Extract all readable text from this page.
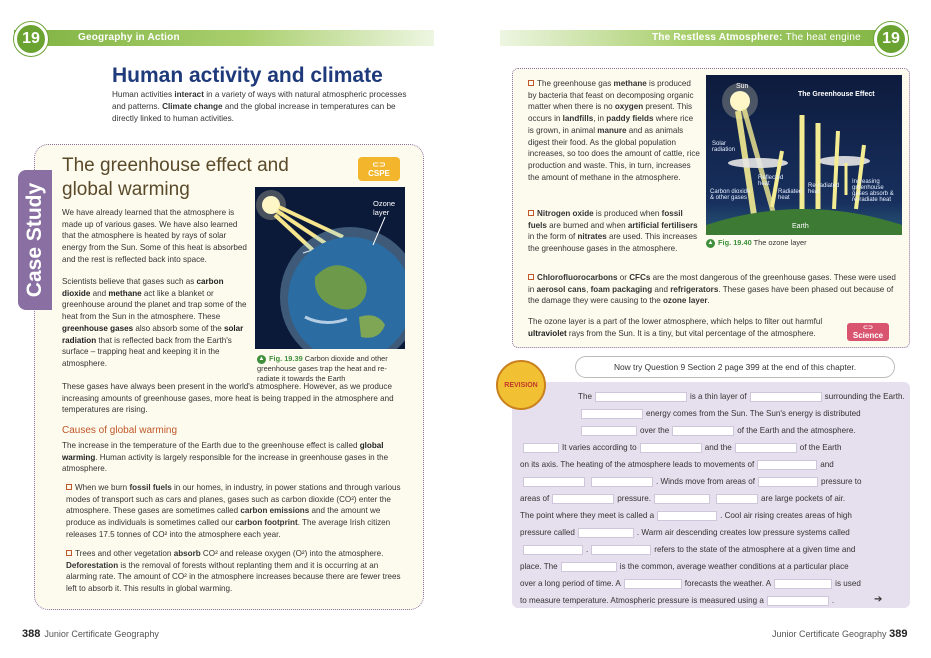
19	Geography in Action	The Restless Atmosphere: The heat engine	19
Human activity and climate
Human activities interact in a variety of ways with natural atmospheric processes and patterns. Climate change and the global increase in temperatures can be directly linked to human activities.
Case Study
The greenhouse effect and global warming
⊂⊃
CSPE
We have already learned that the atmosphere is made up of various gases. We have also learned that the atmosphere is heated by rays of solar energy from the Sun. Some of this heat is absorbed and the rest is reflected back into space.
Scientists believe that gases such as carbon dioxide and methane act like a blanket or greenhouse around the planet and trap some of the heat from the Sun in the atmosphere. These greenhouse gases also absorb some of the solar radiation that is reflected back from the Earth's surface – trapping heat and keeping it in the atmosphere.
Ozone layer
▲ Fig. 19.39 Carbon dioxide and other greenhouse gases trap the heat and re-radiate it towards the Earth
These gases have always been present in the world's atmosphere. However, as we produce increasing amounts of greenhouse gases, more heat is being trapped in the atmosphere and temperatures are rising.
Causes of global warming
The increase in the temperature of the Earth due to the greenhouse effect is called global warming. Human activity is largely responsible for the increase in greenhouse gases in the atmosphere.
When we burn fossil fuels in our homes, in industry, in power stations and through various modes of transport such as cars and planes, gases such as carbon dioxide (CO²) enter the atmosphere. These gases are sometimes called carbon emissions and the amount we produce as individuals is sometimes called our carbon footprint. The average Irish citizen releases 17.5 tonnes of CO² into the atmosphere each year.
Trees and other vegetation absorb CO² and release oxygen (O²) into the atmosphere. Deforestation is the removal of forests without replanting them and it is occurring at an alarming rate. The amount of CO² in the atmosphere increases because there are fewer trees left to absorb it. This results in global warming.
The greenhouse gas methane is produced by bacteria that feast on decomposing organic matter when there is no oxygen present. This occurs in landfills, in paddy fields where rice is grown, in animal manure and as animals digest their food. As the global population increases, so too does the amount of cattle, rice production and waste. This, in turn, increases the amount of methane in the atmosphere.
Nitrogen oxide is produced when fossil fuels are burned and when artificial fertilisers in the form of nitrates are used. This increases the greenhouse gases in the atmosphere.
Sun
The Greenhouse Effect
Solar radiation
Reflected heat
Radiated heat
Re-radiated heat
Increasing greenhouse gases absorb & re-radiate heat
Carbon dioxide & other gases
Earth
▲ Fig. 19.40 The ozone layer
Chlorofluorocarbons or CFCs are the most dangerous of the greenhouse gases. These were used in aerosol cans, foam packaging and refrigerators. These gases have been phased out because of the damage they were causing to the ozone layer.
The ozone layer is a part of the lower atmosphere, which helps to filter out harmful ultraviolet rays from the Sun. It is a tiny, but vital percentage of the atmosphere.
⊂⊃
Science
Now try Question 9 Section 2 page 399 at the end of this chapter.
REVISION
The	is a thin layer of	surrounding the Earth.
energy comes from the Sun. The Sun's energy is distributed
over the	of the Earth and the atmosphere.
It varies according to	and the	of the Earth
on its axis. The heating of the atmosphere leads to movements of	and
. Winds move from areas of	pressure to
areas of	pressure.	are large pockets of air.
The point where they meet is called a	. Cool air rising creates areas of high
pressure called	. Warm air descending creates low pressure systems called
.	refers to the state of the atmosphere at a given time and
place. The	is the common, average weather conditions at a particular place
over a long period of time. A	forecasts the weather. A	is used
to measure temperature. Atmospheric pressure is measured using a	.	➔
388 Junior Certificate Geography	Junior Certificate Geography 389
